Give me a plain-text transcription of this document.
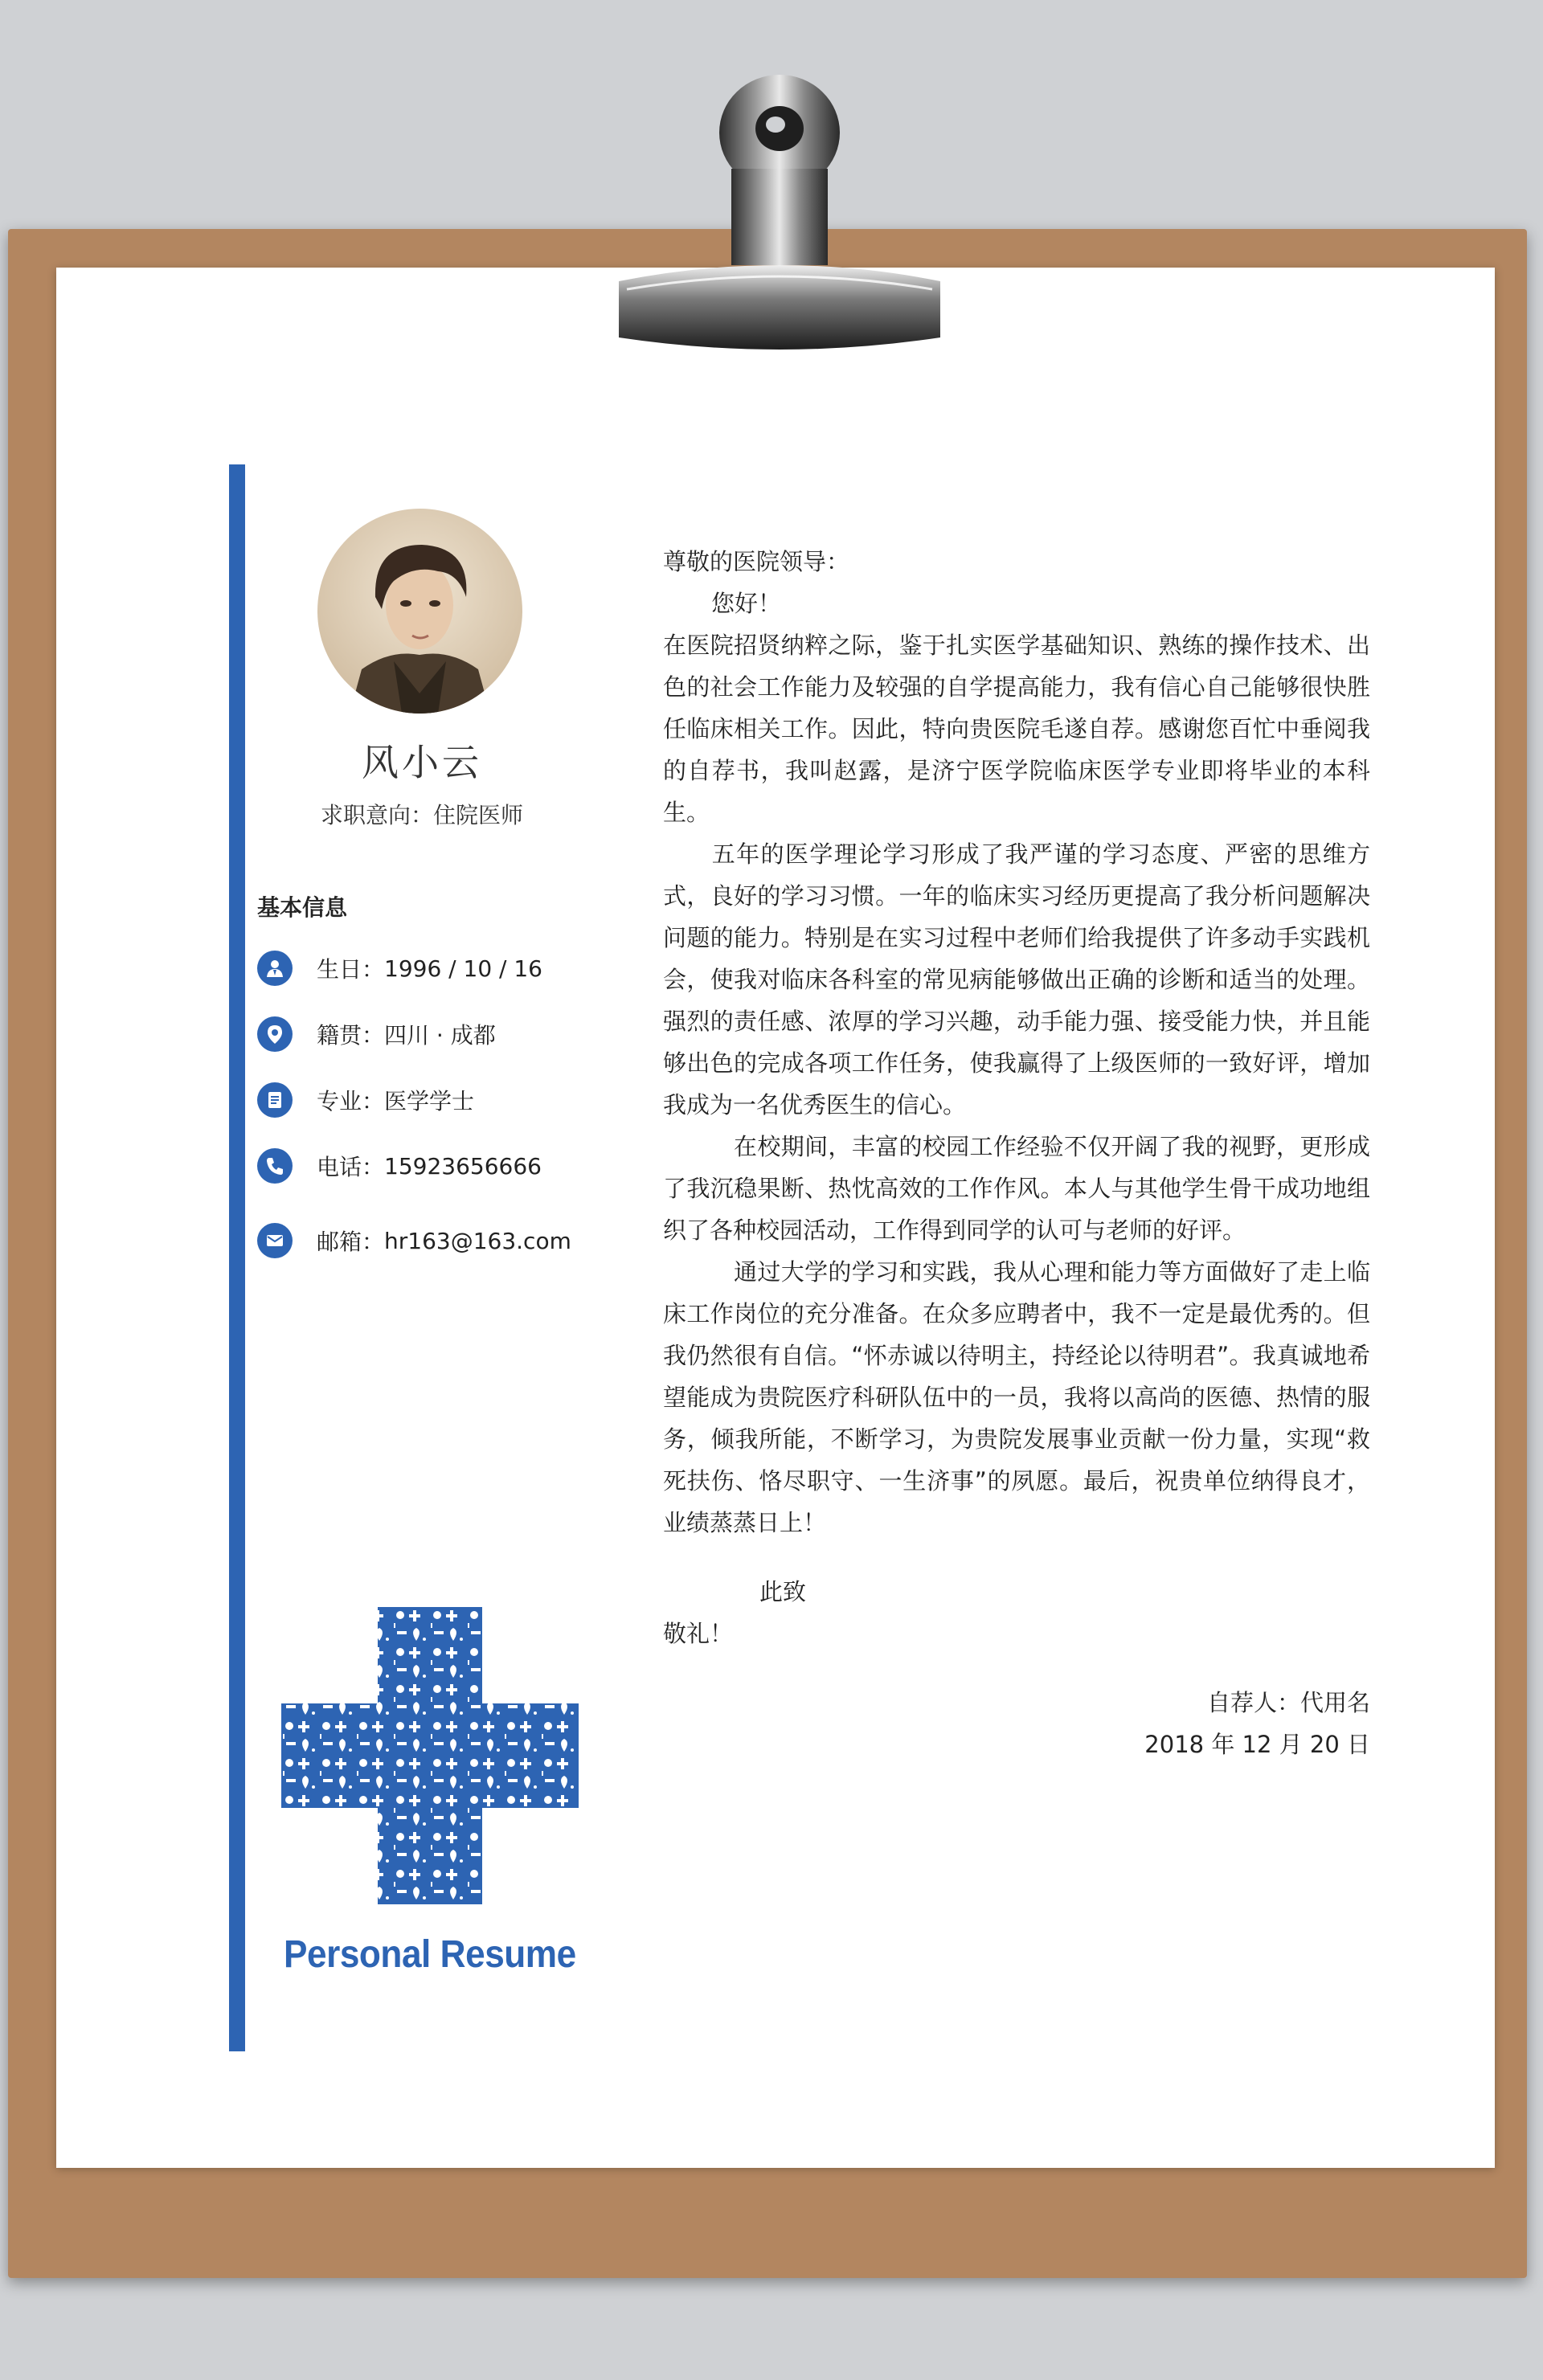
风小云
求职意向：住院医师
基本信息
生日： 1996 / 10 / 16
籍贯： 四川 · 成都
专业： 医学学士
电话： 15923656666
邮箱： hr163@163.com
Personal Resume

尊敬的医院领导：

您好！

在医院招贤纳粹之际，鉴于扎实医学基础知识、熟练的操作技术、出色的社会工作能力及较强的自学提高能力，我有信心自己能够很快胜任临床相关工作。因此，特向贵医院毛遂自荐。感谢您百忙中垂阅我的自荐书，我叫赵露，是济宁医学院临床医学专业即将毕业的本科生。

　　五年的医学理论学习形成了我严谨的学习态度、严密的思维方式，良好的学习习惯。一年的临床实习经历更提高了我分析问题解决问题的能力。特别是在实习过程中老师们给我提供了许多动手实践机会，使我对临床各科室的常见病能够做出正确的诊断和适当的处理。强烈的责任感、浓厚的学习兴趣，动手能力强、接受能力快，并且能够出色的完成各项工作任务，使我赢得了上级医师的一致好评，增加我成为一名优秀医生的信心。

　　　在校期间，丰富的校园工作经验不仅开阔了我的视野，更形成了我沉稳果断、热忱高效的工作作风。本人与其他学生骨干成功地组织了各种校园活动，工作得到同学的认可与老师的好评。

　　　通过大学的学习和实践，我从心理和能力等方面做好了走上临床工作岗位的充分准备。在众多应聘者中，我不一定是最优秀的。但我仍然很有自信。“怀赤诚以待明主，持经论以待明君”。我真诚地希望能成为贵院医疗科研队伍中的一员，我将以高尚的医德、热情的服务，倾我所能，不断学习，为贵院发展事业贡献一份力量，实现“救死扶伤、恪尽职守、一生济事”的夙愿。最后，祝贵单位纳得良才，业绩蒸蒸日上！

此致

敬礼！

自荐人：代用名

2018 年 12 月 20 日
